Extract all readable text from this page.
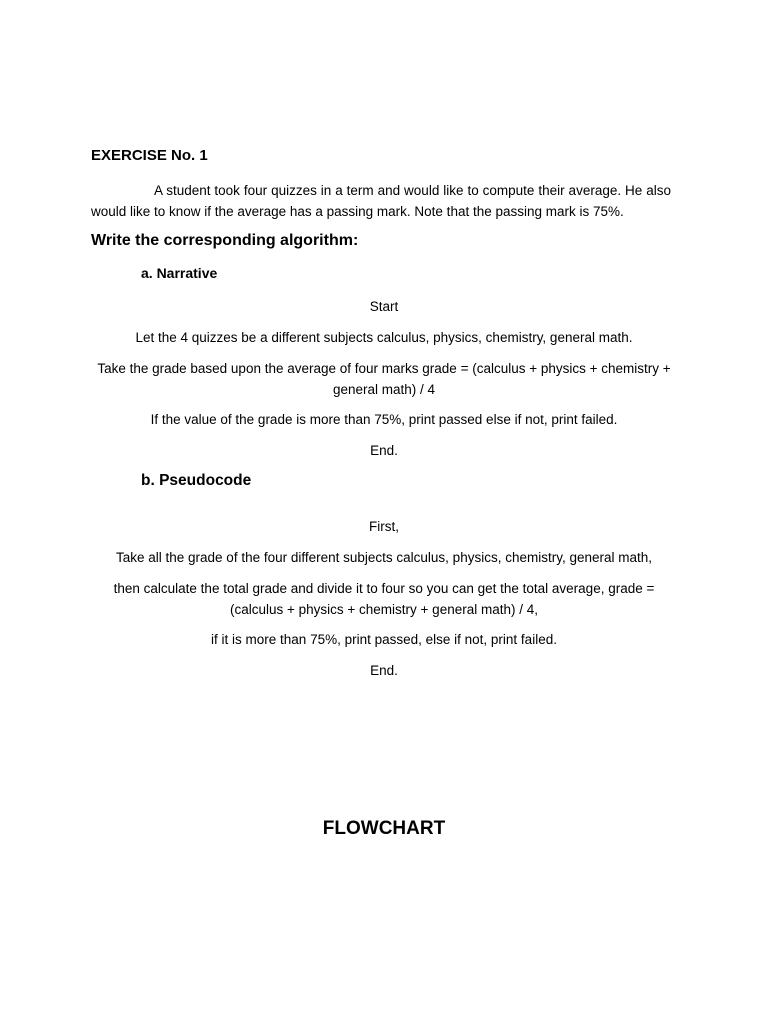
EXERCISE No. 1

A student took four quizzes in a term and would like to compute their average. He also would like to know if the average has a passing mark. Note that the passing mark is 75%.

Write the corresponding algorithm:

a. Narrative

Start

Let the 4 quizzes be a different subjects calculus, physics, chemistry, general math.

Take the grade based upon the average of four marks grade = (calculus + physics + chemistry + general math) / 4

If the value of the grade is more than 75%, print passed else if not, print failed.

End.

b. Pseudocode

First,

Take all the grade of the four different subjects calculus, physics, chemistry, general math,

then calculate the total grade and divide it to four so you can get the total average, grade = (calculus + physics + chemistry + general math) / 4,

if it is more than 75%, print passed, else if not, print failed.

End.

FLOWCHART
